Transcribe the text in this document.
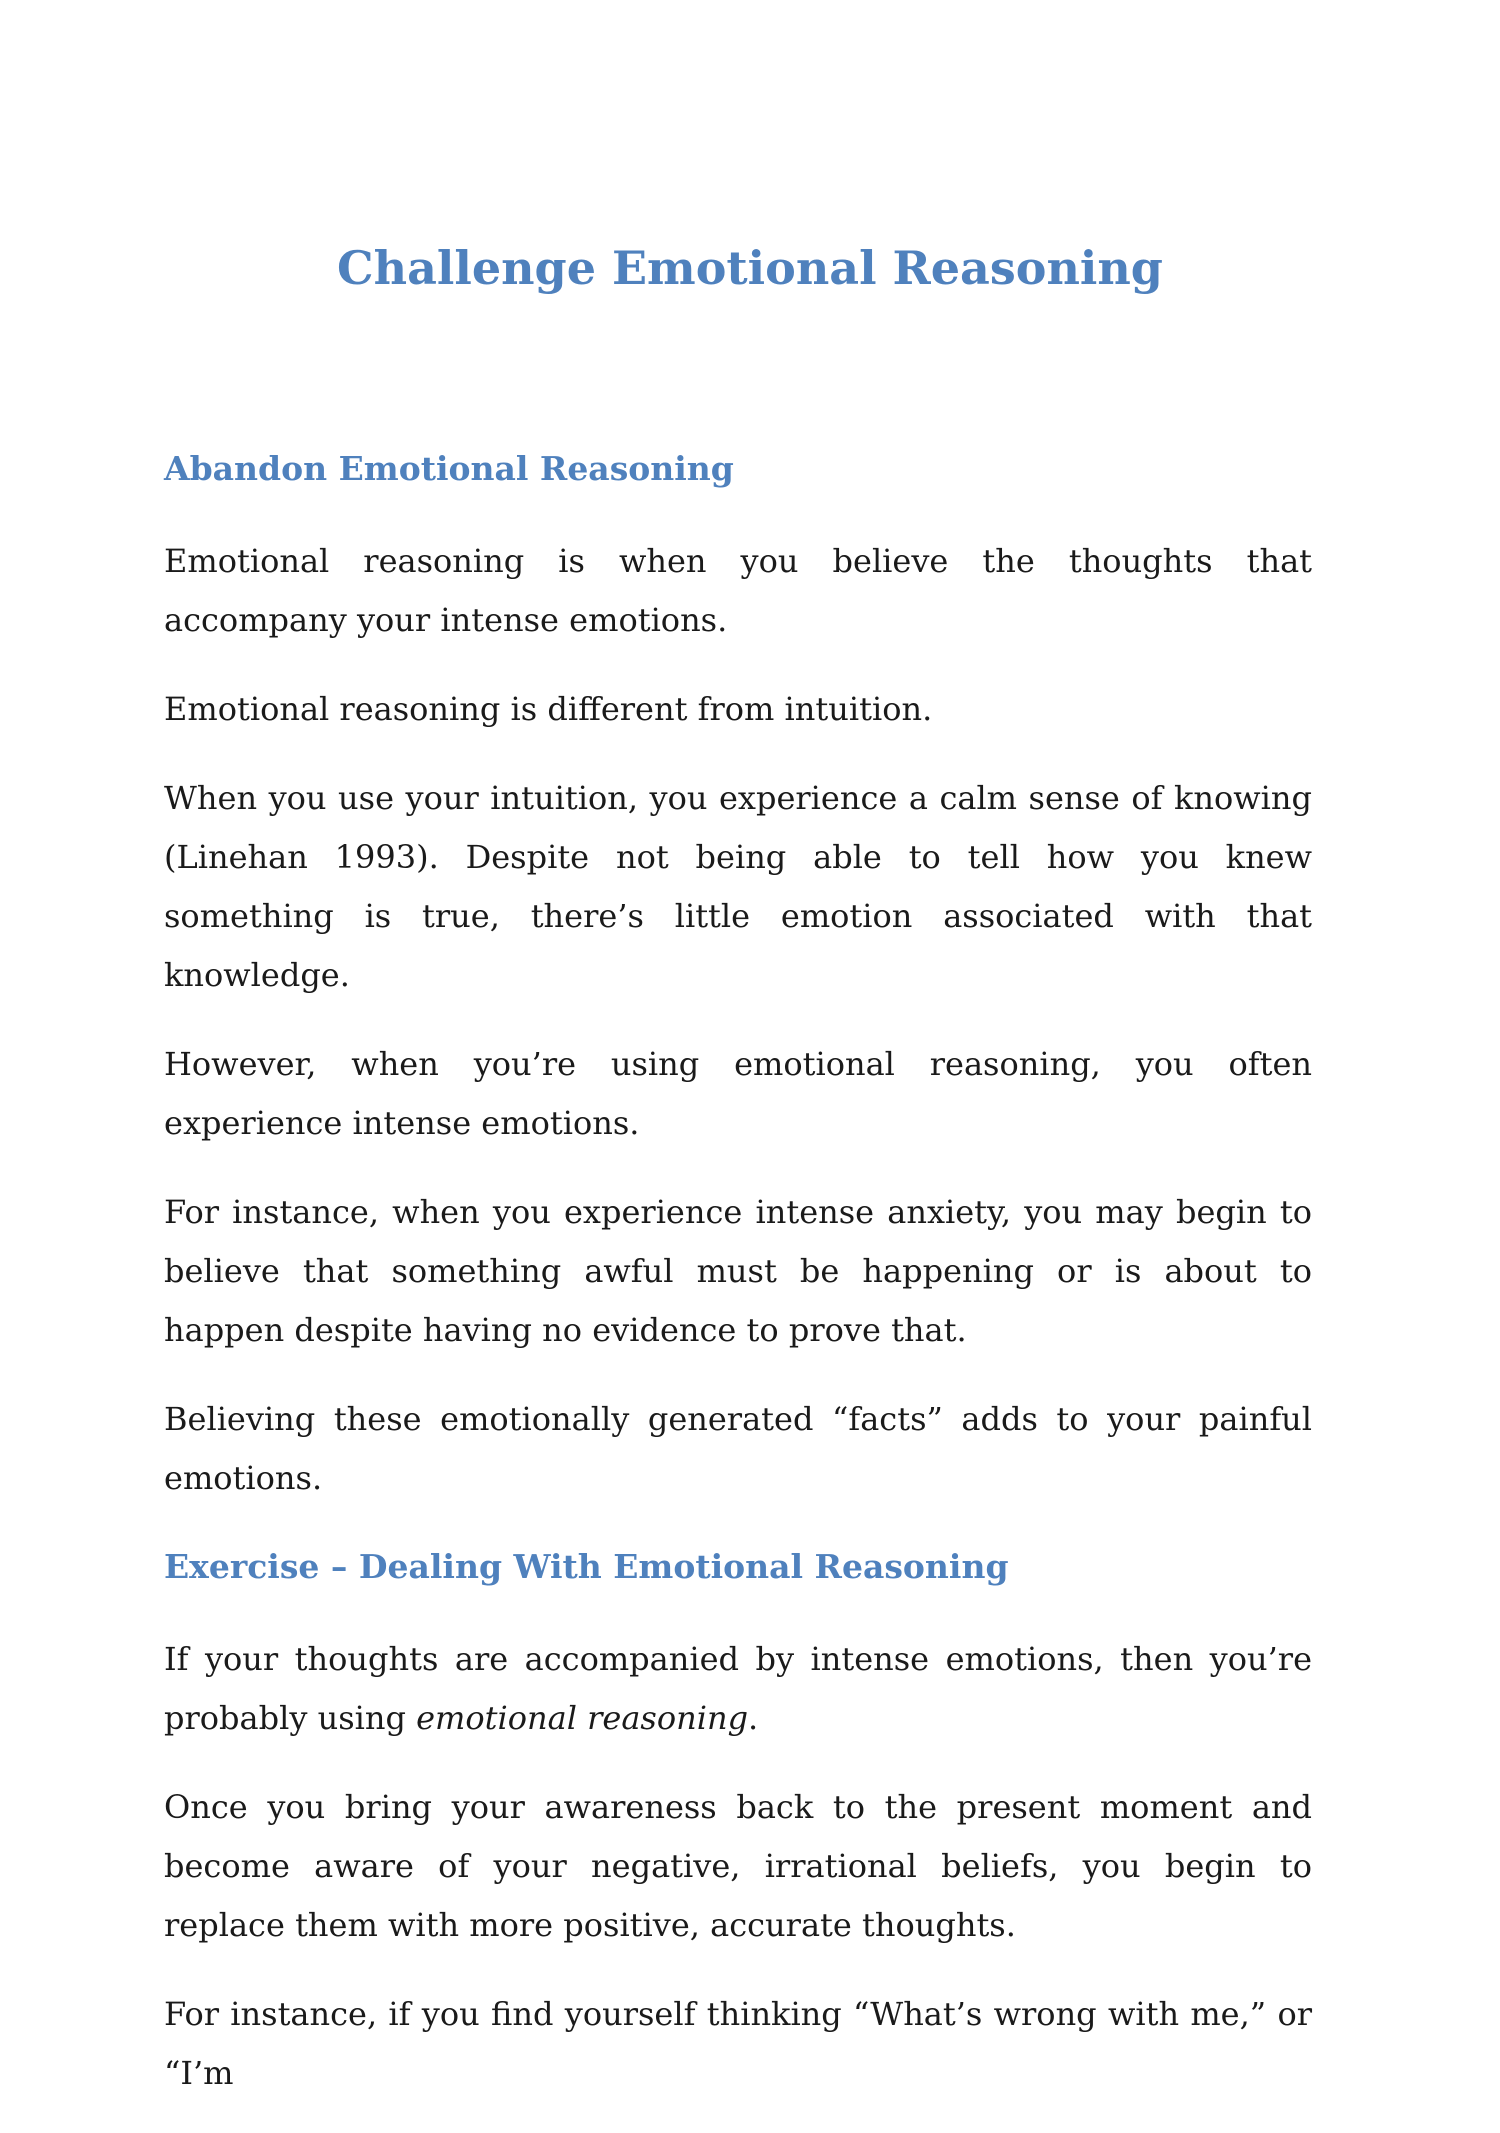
Challenge Emotional Reasoning
Abandon Emotional Reasoning

Emotional reasoning is when you believe the thoughts that accompany your intense emotions.

Emotional reasoning is different from intuition.

When you use your intuition, you experience a calm sense of knowing (Linehan 1993). Despite not being able to tell how you knew something is true, there’s little emotion associated with that knowledge.

However, when you’re using emotional reasoning, you often experience intense emotions.

For instance, when you experience intense anxiety, you may begin to believe that something awful must be happening or is about to happen despite having no evidence to prove that.

Believing these emotionally generated “facts” adds to your painful emotions.

Exercise – Dealing With Emotional Reasoning

If your thoughts are accompanied by intense emotions, then you’re probably using emotional reasoning.

Once you bring your awareness back to the present moment and become aware of your negative, irrational beliefs, you begin to replace them with more positive, accurate thoughts.

For instance, if you find yourself thinking “What’s wrong with me,” or “I’m
